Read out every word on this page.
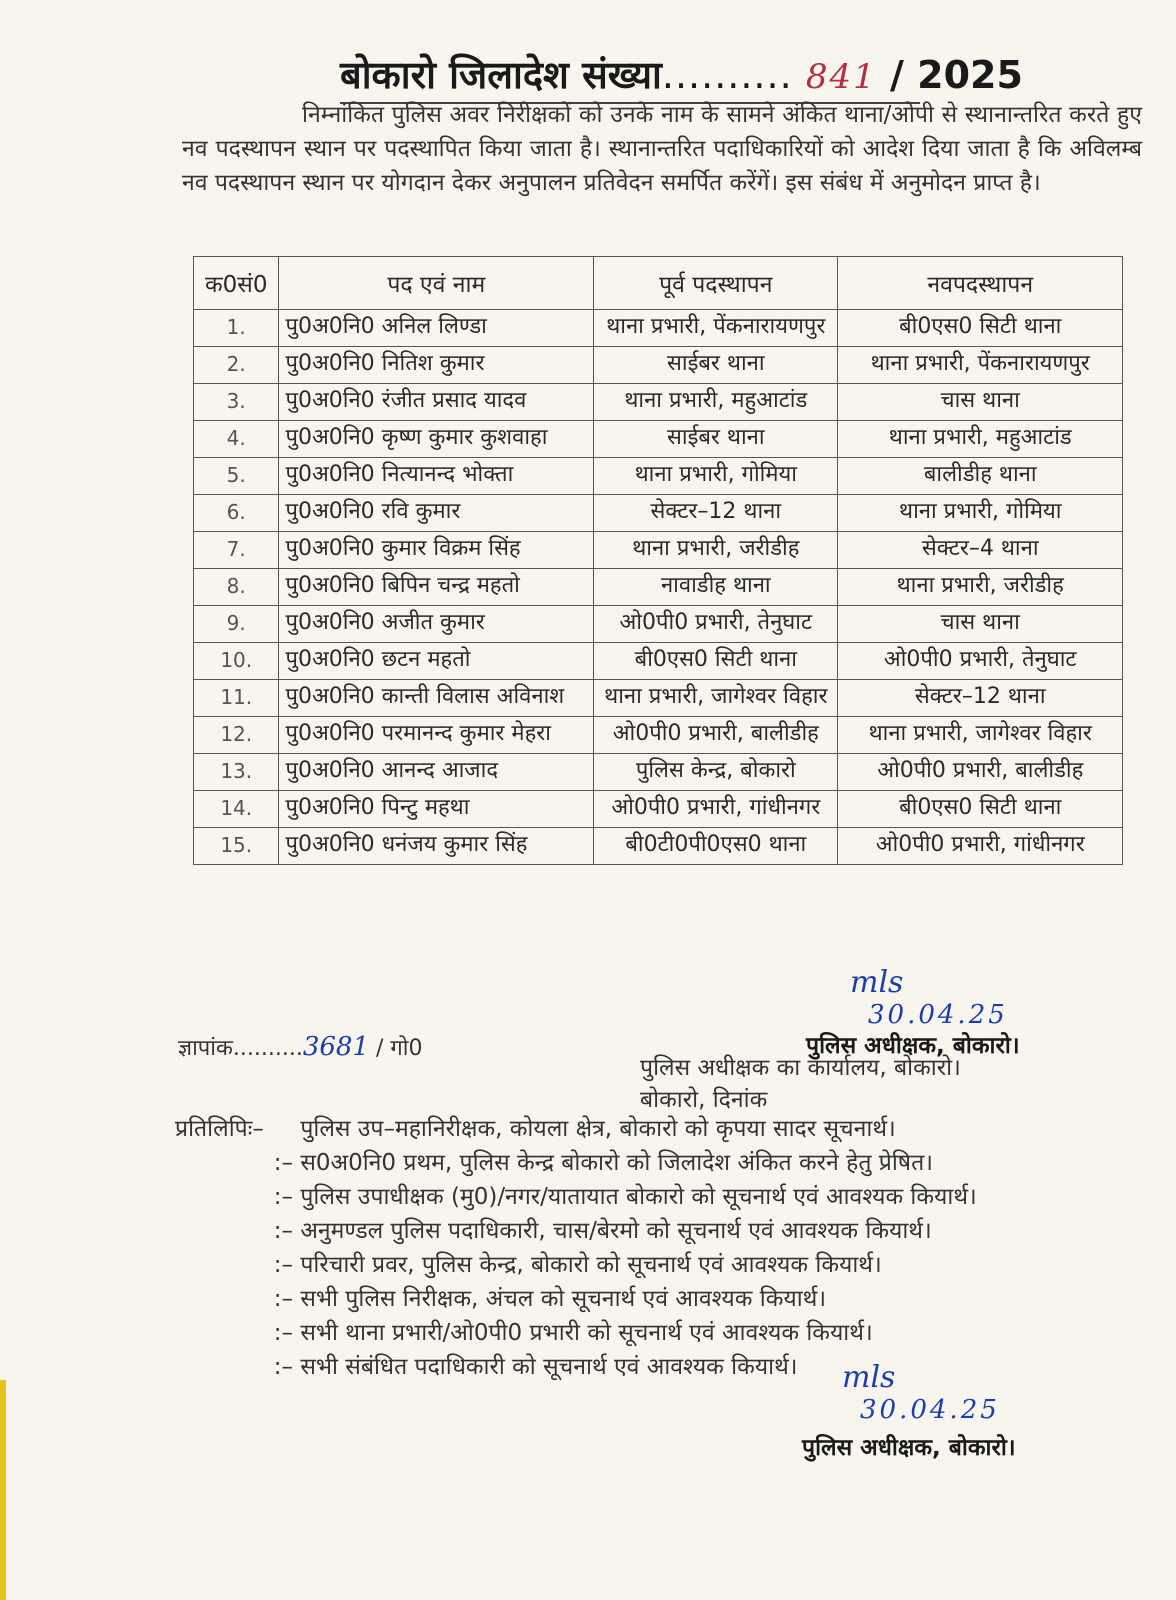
बोकारो जिलादेश संख्या.......... 841 / 2025
निम्नांकित पुलिस अवर निरीक्षकों को उनके नाम के सामने अंकित थाना/ओपी से स्थानान्तरित करते हुए नव पदस्थापन स्थान पर पदस्थापित किया जाता है। स्थानान्तरित पदाधिकारियों को आदेश दिया जाता है कि अविलम्ब नव पदस्थापन स्थान पर योगदान देकर अनुपालन प्रतिवेदन समर्पित करेंगें। इस संबंध में अनुमोदन प्राप्त है।
क0सं0	पद एवं नाम	पूर्व पदस्थापन	नवपदस्थापन
1.	पु0अ0नि0 अनिल लिण्डा	थाना प्रभारी, पेंकनारायणपुर	बी0एस0 सिटी थाना
2.	पु0अ0नि0 नितिश कुमार	साईबर थाना	थाना प्रभारी, पेंकनारायणपुर
3.	पु0अ0नि0 रंजीत प्रसाद यादव	थाना प्रभारी, महुआटांड	चास थाना
4.	पु0अ0नि0 कृष्ण कुमार कुशवाहा	साईबर थाना	थाना प्रभारी, महुआटांड
5.	पु0अ0नि0 नित्यानन्द भोक्ता	थाना प्रभारी, गोमिया	बालीडीह थाना
6.	पु0अ0नि0 रवि कुमार	सेक्टर–12 थाना	थाना प्रभारी, गोमिया
7.	पु0अ0नि0 कुमार विक्रम सिंह	थाना प्रभारी, जरीडीह	सेक्टर–4 थाना
8.	पु0अ0नि0 बिपिन चन्द्र महतो	नावाडीह थाना	थाना प्रभारी, जरीडीह
9.	पु0अ0नि0 अजीत कुमार	ओ0पी0 प्रभारी, तेनुघाट	चास थाना
10.	पु0अ0नि0 छटन महतो	बी0एस0 सिटी थाना	ओ0पी0 प्रभारी, तेनुघाट
11.	पु0अ0नि0 कान्ती विलास अविनाश	थाना प्रभारी, जागेश्वर विहार	सेक्टर–12 थाना
12.	पु0अ0नि0 परमानन्द कुमार मेहरा	ओ0पी0 प्रभारी, बालीडीह	थाना प्रभारी, जागेश्वर विहार
13.	पु0अ0नि0 आनन्द आजाद	पुलिस केन्द्र, बोकारो	ओ0पी0 प्रभारी, बालीडीह
14.	पु0अ0नि0 पिन्टु महथा	ओ0पी0 प्रभारी, गांधीनगर	बी0एस0 सिटी थाना
15.	पु0अ0नि0 धनंजय कुमार सिंह	बी0टी0पी0एस0 थाना	ओ0पी0 प्रभारी, गांधीनगर
mls
30.04.25
पुलिस अधीक्षक, बोकारो।
ज्ञापांक..........3681 / गो0
पुलिस अधीक्षक का कार्यालय, बोकारो।
बोकारो, दिनांक
प्रतिलिपिः– पुलिस उप–महानिरीक्षक, कोयला क्षेत्र, बोकारो को कृपया सादर सूचनार्थ।
:– स0अ0नि0 प्रथम, पुलिस केन्द्र बोकारो को जिलादेश अंकित करने हेतु प्रेषित।
:– पुलिस उपाधीक्षक (मु0)/नगर/यातायात बोकारो को सूचनार्थ एवं आवश्यक कियार्थ।
:– अनुमण्डल पुलिस पदाधिकारी, चास/बेरमो को सूचनार्थ एवं आवश्यक कियार्थ।
:– परिचारी प्रवर, पुलिस केन्द्र, बोकारो को सूचनार्थ एवं आवश्यक कियार्थ।
:– सभी पुलिस निरीक्षक, अंचल को सूचनार्थ एवं आवश्यक कियार्थ।
:– सभी थाना प्रभारी/ओ0पी0 प्रभारी को सूचनार्थ एवं आवश्यक कियार्थ।
:– सभी संबंधित पदाधिकारी को सूचनार्थ एवं आवश्यक कियार्थ।	mls
30.04.25
पुलिस अधीक्षक, बोकारो।
